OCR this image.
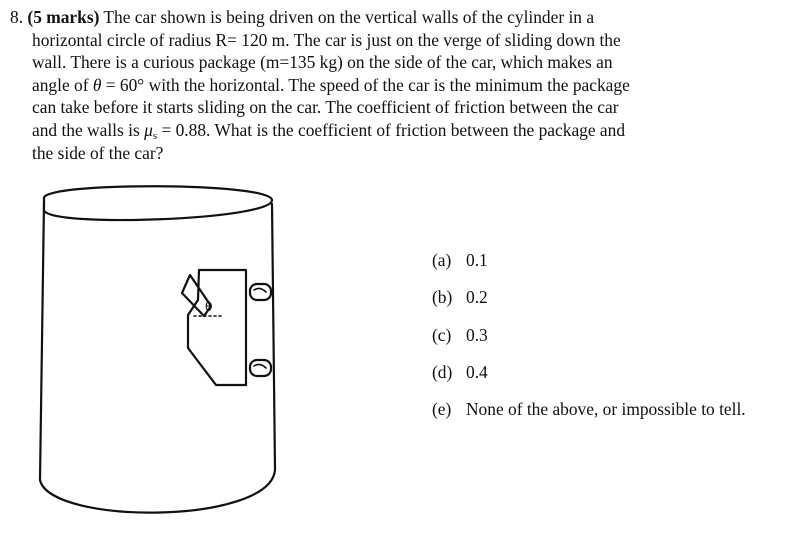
8. (5 marks) The car shown is being driven on the vertical walls of the cylinder in a
horizontal circle of radius R= 120 m. The car is just on the verge of sliding down the
wall. There is a curious package (m=135 kg) on the side of the car, which makes an
angle of θ = 60° with the horizontal. The speed of the car is the minimum the package
can take before it starts sliding on the car. The coefficient of friction between the car
and the walls is $\mu_s = 0.88$. What is the coefficient of friction between the package and
the side of the car?
θ
(a) 0.1
(b) 0.2
(c) 0.3
(d) 0.4
(e) None of the above, or impossible to tell.
